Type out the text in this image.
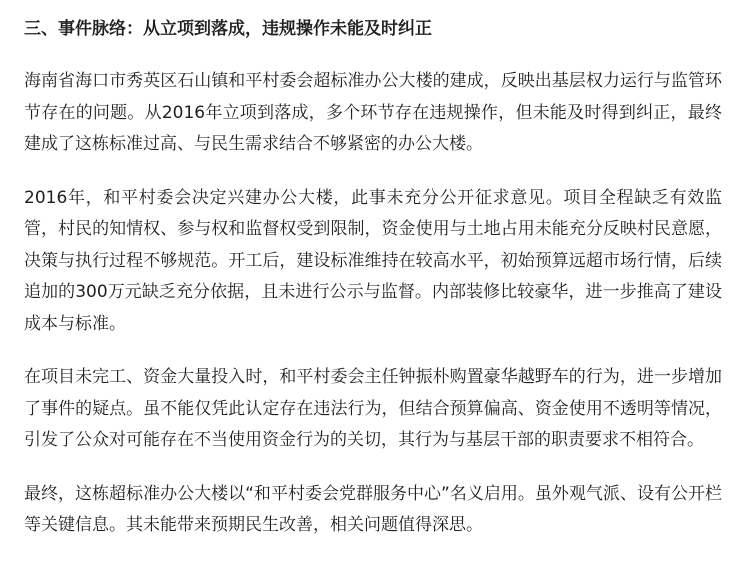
三、事件脉络：从立项到落成，违规操作未能及时纠正

海南省海口市秀英区石山镇和平村委会超标准办公大楼的建成，反映出基层权力运行与监管环节存在的问题。从2016年立项到落成，多个环节存在违规操作，但未能及时得到纠正，最终建成了这栋标准过高、与民生需求结合不够紧密的办公大楼。

2016年，和平村委会决定兴建办公大楼，此事未充分公开征求意见。项目全程缺乏有效监管，村民的知情权、参与权和监督权受到限制，资金使用与土地占用未能充分反映村民意愿，决策与执行过程不够规范。开工后，建设标准维持在较高水平，初始预算远超市场行情，后续追加的300万元缺乏充分依据，且未进行公示与监督。内部装修比较豪华，进一步推高了建设成本与标准。

在项目未完工、资金大量投入时，和平村委会主任钟振朴购置豪华越野车的行为，进一步增加了事件的疑点。虽不能仅凭此认定存在违法行为，但结合预算偏高、资金使用不透明等情况，引发了公众对可能存在不当使用资金行为的关切，其行为与基层干部的职责要求不相符合。

最终，这栋超标准办公大楼以“和平村委会党群服务中心”名义启用。虽外观气派、设有公开栏等关键信息。其未能带来预期民生改善，相关问题值得深思。
